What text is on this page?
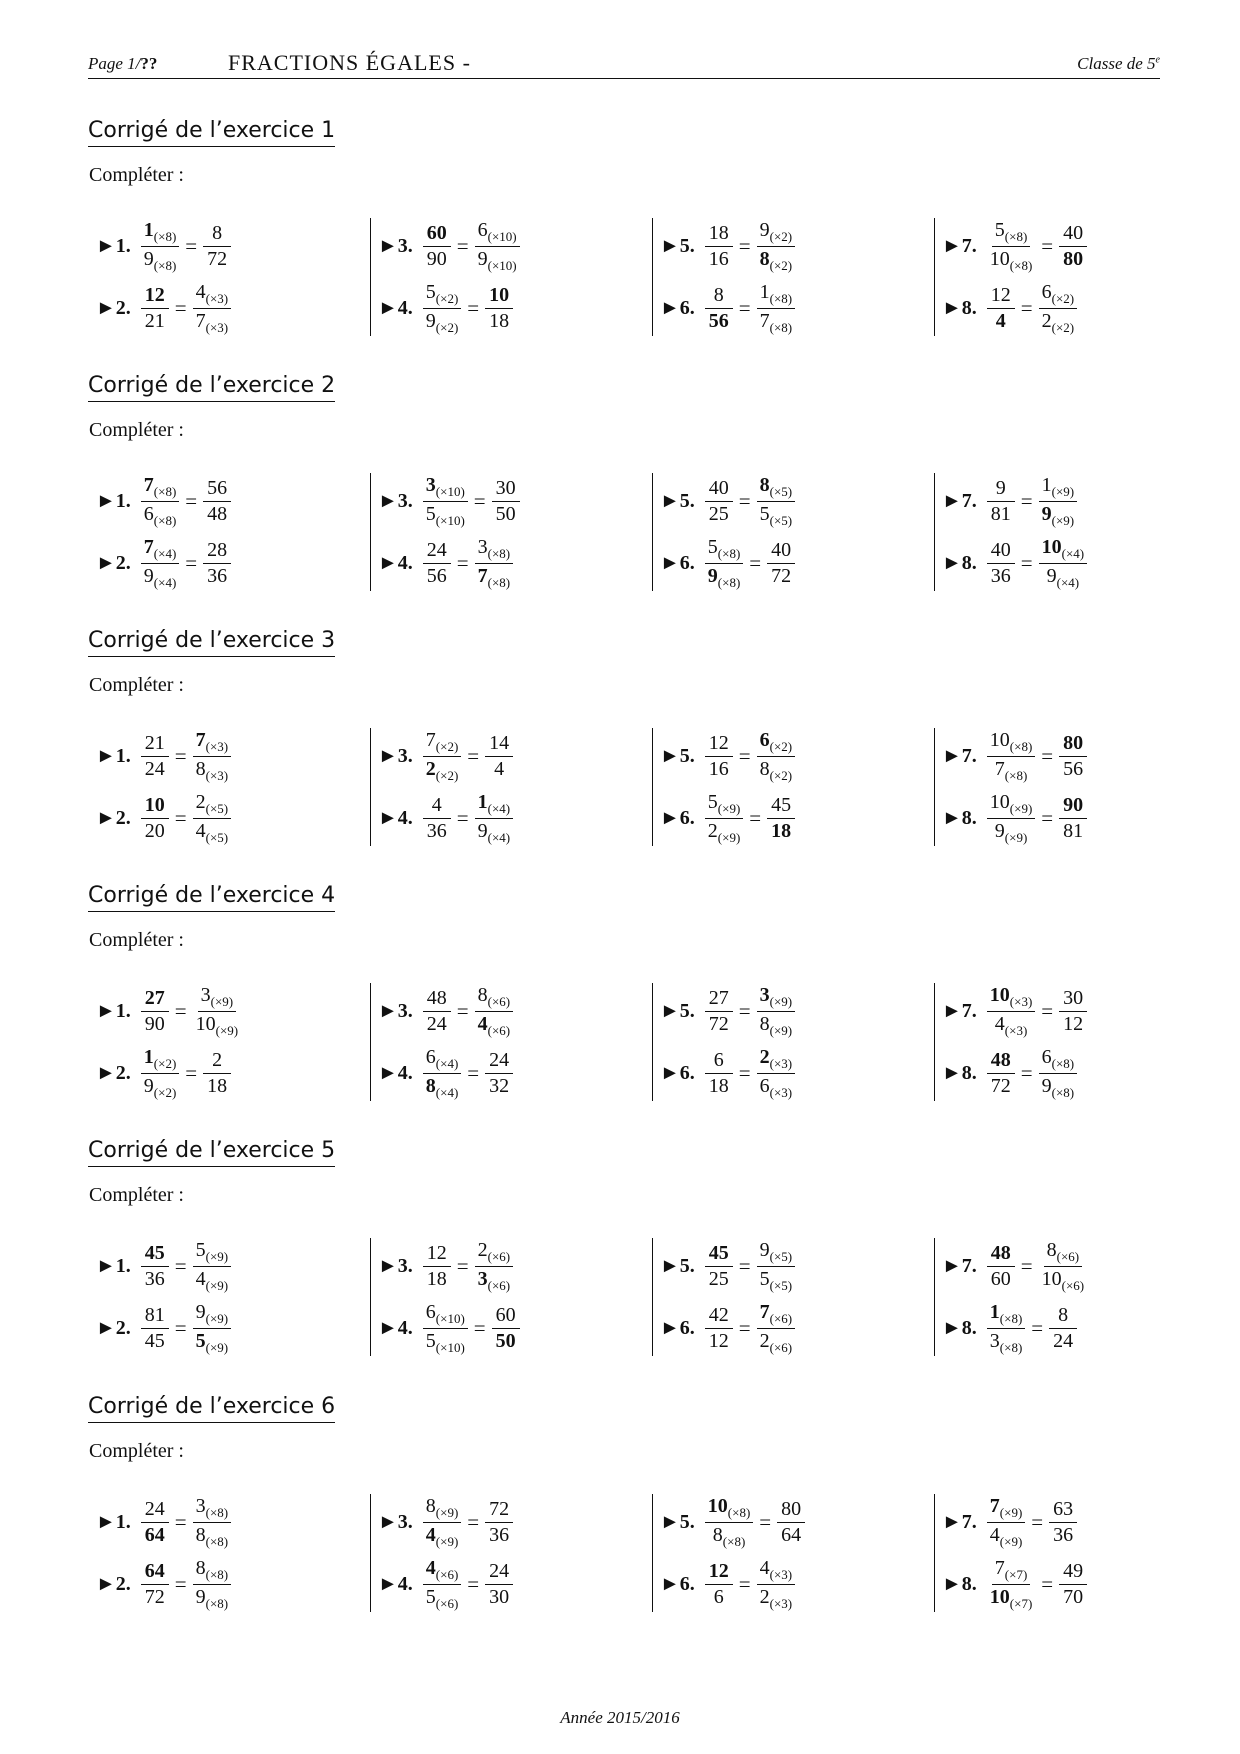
Page 1/??	FRACTIONS ÉGALES -	Classe de 5e
Corrigé de l’exercice 1
Compléter :
►1. $\frac{1_{(\times 8)}}{9_{(\times 8)}} = \frac{8}{72}$
►2. $\frac{12}{21} = \frac{4_{(\times 3)}}{7_{(\times 3)}}$
►3. $\frac{60}{90} = \frac{6_{(\times 10)}}{9_{(\times 10)}}$
►4. $\frac{5_{(\times 2)}}{9_{(\times 2)}} = \frac{10}{18}$
►5. $\frac{18}{16} = \frac{9_{(\times 2)}}{8_{(\times 2)}}$
►6. $\frac{8}{56} = \frac{1_{(\times 8)}}{7_{(\times 8)}}$
►7. $\frac{5_{(\times 8)}}{10_{(\times 8)}} = \frac{40}{80}$
►8. $\frac{12}{4} = \frac{6_{(\times 2)}}{2_{(\times 2)}}$
Corrigé de l’exercice 2
Compléter :
►1. $\frac{7_{(\times 8)}}{6_{(\times 8)}} = \frac{56}{48}$
►2. $\frac{7_{(\times 4)}}{9_{(\times 4)}} = \frac{28}{36}$
►3. $\frac{3_{(\times 10)}}{5_{(\times 10)}} = \frac{30}{50}$
►4. $\frac{24}{56} = \frac{3_{(\times 8)}}{7_{(\times 8)}}$
►5. $\frac{40}{25} = \frac{8_{(\times 5)}}{5_{(\times 5)}}$
►6. $\frac{5_{(\times 8)}}{9_{(\times 8)}} = \frac{40}{72}$
►7. $\frac{9}{81} = \frac{1_{(\times 9)}}{9_{(\times 9)}}$
►8. $\frac{40}{36} = \frac{10_{(\times 4)}}{9_{(\times 4)}}$
Corrigé de l’exercice 3
Compléter :
►1. $\frac{21}{24} = \frac{7_{(\times 3)}}{8_{(\times 3)}}$
►2. $\frac{10}{20} = \frac{2_{(\times 5)}}{4_{(\times 5)}}$
►3. $\frac{7_{(\times 2)}}{2_{(\times 2)}} = \frac{14}{4}$
►4. $\frac{4}{36} = \frac{1_{(\times 4)}}{9_{(\times 4)}}$
►5. $\frac{12}{16} = \frac{6_{(\times 2)}}{8_{(\times 2)}}$
►6. $\frac{5_{(\times 9)}}{2_{(\times 9)}} = \frac{45}{18}$
►7. $\frac{10_{(\times 8)}}{7_{(\times 8)}} = \frac{80}{56}$
►8. $\frac{10_{(\times 9)}}{9_{(\times 9)}} = \frac{90}{81}$
Corrigé de l’exercice 4
Compléter :
►1. $\frac{27}{90} = \frac{3_{(\times 9)}}{10_{(\times 9)}}$
►2. $\frac{1_{(\times 2)}}{9_{(\times 2)}} = \frac{2}{18}$
►3. $\frac{48}{24} = \frac{8_{(\times 6)}}{4_{(\times 6)}}$
►4. $\frac{6_{(\times 4)}}{8_{(\times 4)}} = \frac{24}{32}$
►5. $\frac{27}{72} = \frac{3_{(\times 9)}}{8_{(\times 9)}}$
►6. $\frac{6}{18} = \frac{2_{(\times 3)}}{6_{(\times 3)}}$
►7. $\frac{10_{(\times 3)}}{4_{(\times 3)}} = \frac{30}{12}$
►8. $\frac{48}{72} = \frac{6_{(\times 8)}}{9_{(\times 8)}}$
Corrigé de l’exercice 5
Compléter :
►1. $\frac{45}{36} = \frac{5_{(\times 9)}}{4_{(\times 9)}}$
►2. $\frac{81}{45} = \frac{9_{(\times 9)}}{5_{(\times 9)}}$
►3. $\frac{12}{18} = \frac{2_{(\times 6)}}{3_{(\times 6)}}$
►4. $\frac{6_{(\times 10)}}{5_{(\times 10)}} = \frac{60}{50}$
►5. $\frac{45}{25} = \frac{9_{(\times 5)}}{5_{(\times 5)}}$
►6. $\frac{42}{12} = \frac{7_{(\times 6)}}{2_{(\times 6)}}$
►7. $\frac{48}{60} = \frac{8_{(\times 6)}}{10_{(\times 6)}}$
►8. $\frac{1_{(\times 8)}}{3_{(\times 8)}} = \frac{8}{24}$
Corrigé de l’exercice 6
Compléter :
►1. $\frac{24}{64} = \frac{3_{(\times 8)}}{8_{(\times 8)}}$
►2. $\frac{64}{72} = \frac{8_{(\times 8)}}{9_{(\times 8)}}$
►3. $\frac{8_{(\times 9)}}{4_{(\times 9)}} = \frac{72}{36}$
►4. $\frac{4_{(\times 6)}}{5_{(\times 6)}} = \frac{24}{30}$
►5. $\frac{10_{(\times 8)}}{8_{(\times 8)}} = \frac{80}{64}$
►6. $\frac{12}{6} = \frac{4_{(\times 3)}}{2_{(\times 3)}}$
►7. $\frac{7_{(\times 9)}}{4_{(\times 9)}} = \frac{63}{36}$
►8. $\frac{7_{(\times 7)}}{10_{(\times 7)}} = \frac{49}{70}$
Année 2015/2016
